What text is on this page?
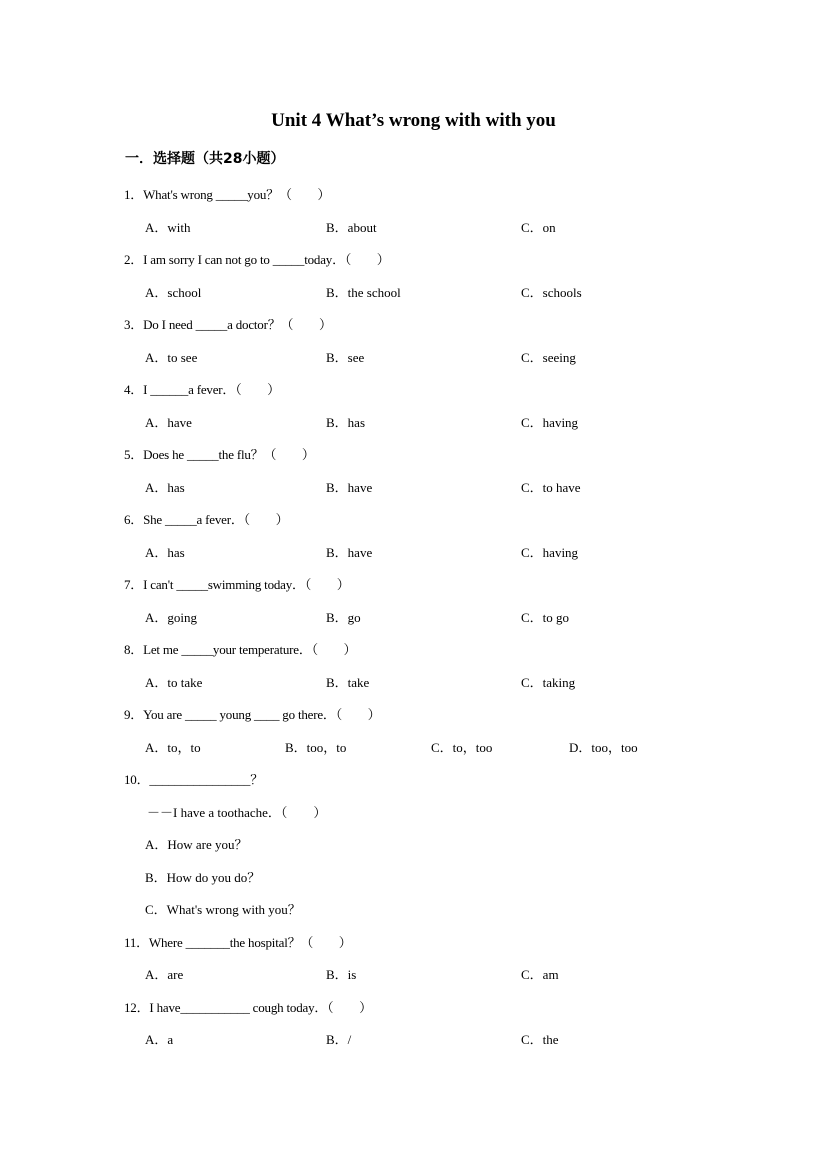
Unit 4 What’s wrong with with you
一．选择题（共28小题）
1．What's wrong _____you？（　　）
A．with	B．about	C．on
2．I am sorry I can not go to _____today．（　　）
A．school	B．the school	C．schools
3．Do I need _____a doctor？（　　）
A．to see	B．see	C．seeing
4．I ______a fever．（　　）
A．have	B．has	C．having
5．Does he _____the flu？（　　）
A．has	B．have	C．to have
6．She _____a fever．（　　）
A．has	B．have	C．having
7．I can't _____swimming today．（　　）
A．going	B．go	C．to go
8．Let me _____your temperature．（　　）
A．to take	B．take	C．taking
9．You are _____ young ____ go there．（　　）
A．to，to	B．too，to	C．to，too	D．too，too
10．________________？
－－I have a toothache．（　　）
A．How are you？
B．How do you do？
C．What's wrong with you？
11．Where _______the hospital？（　　）
A．are	B．is	C．am
12．I have___________ cough today．（　　）
A．a	B．/	C．the
